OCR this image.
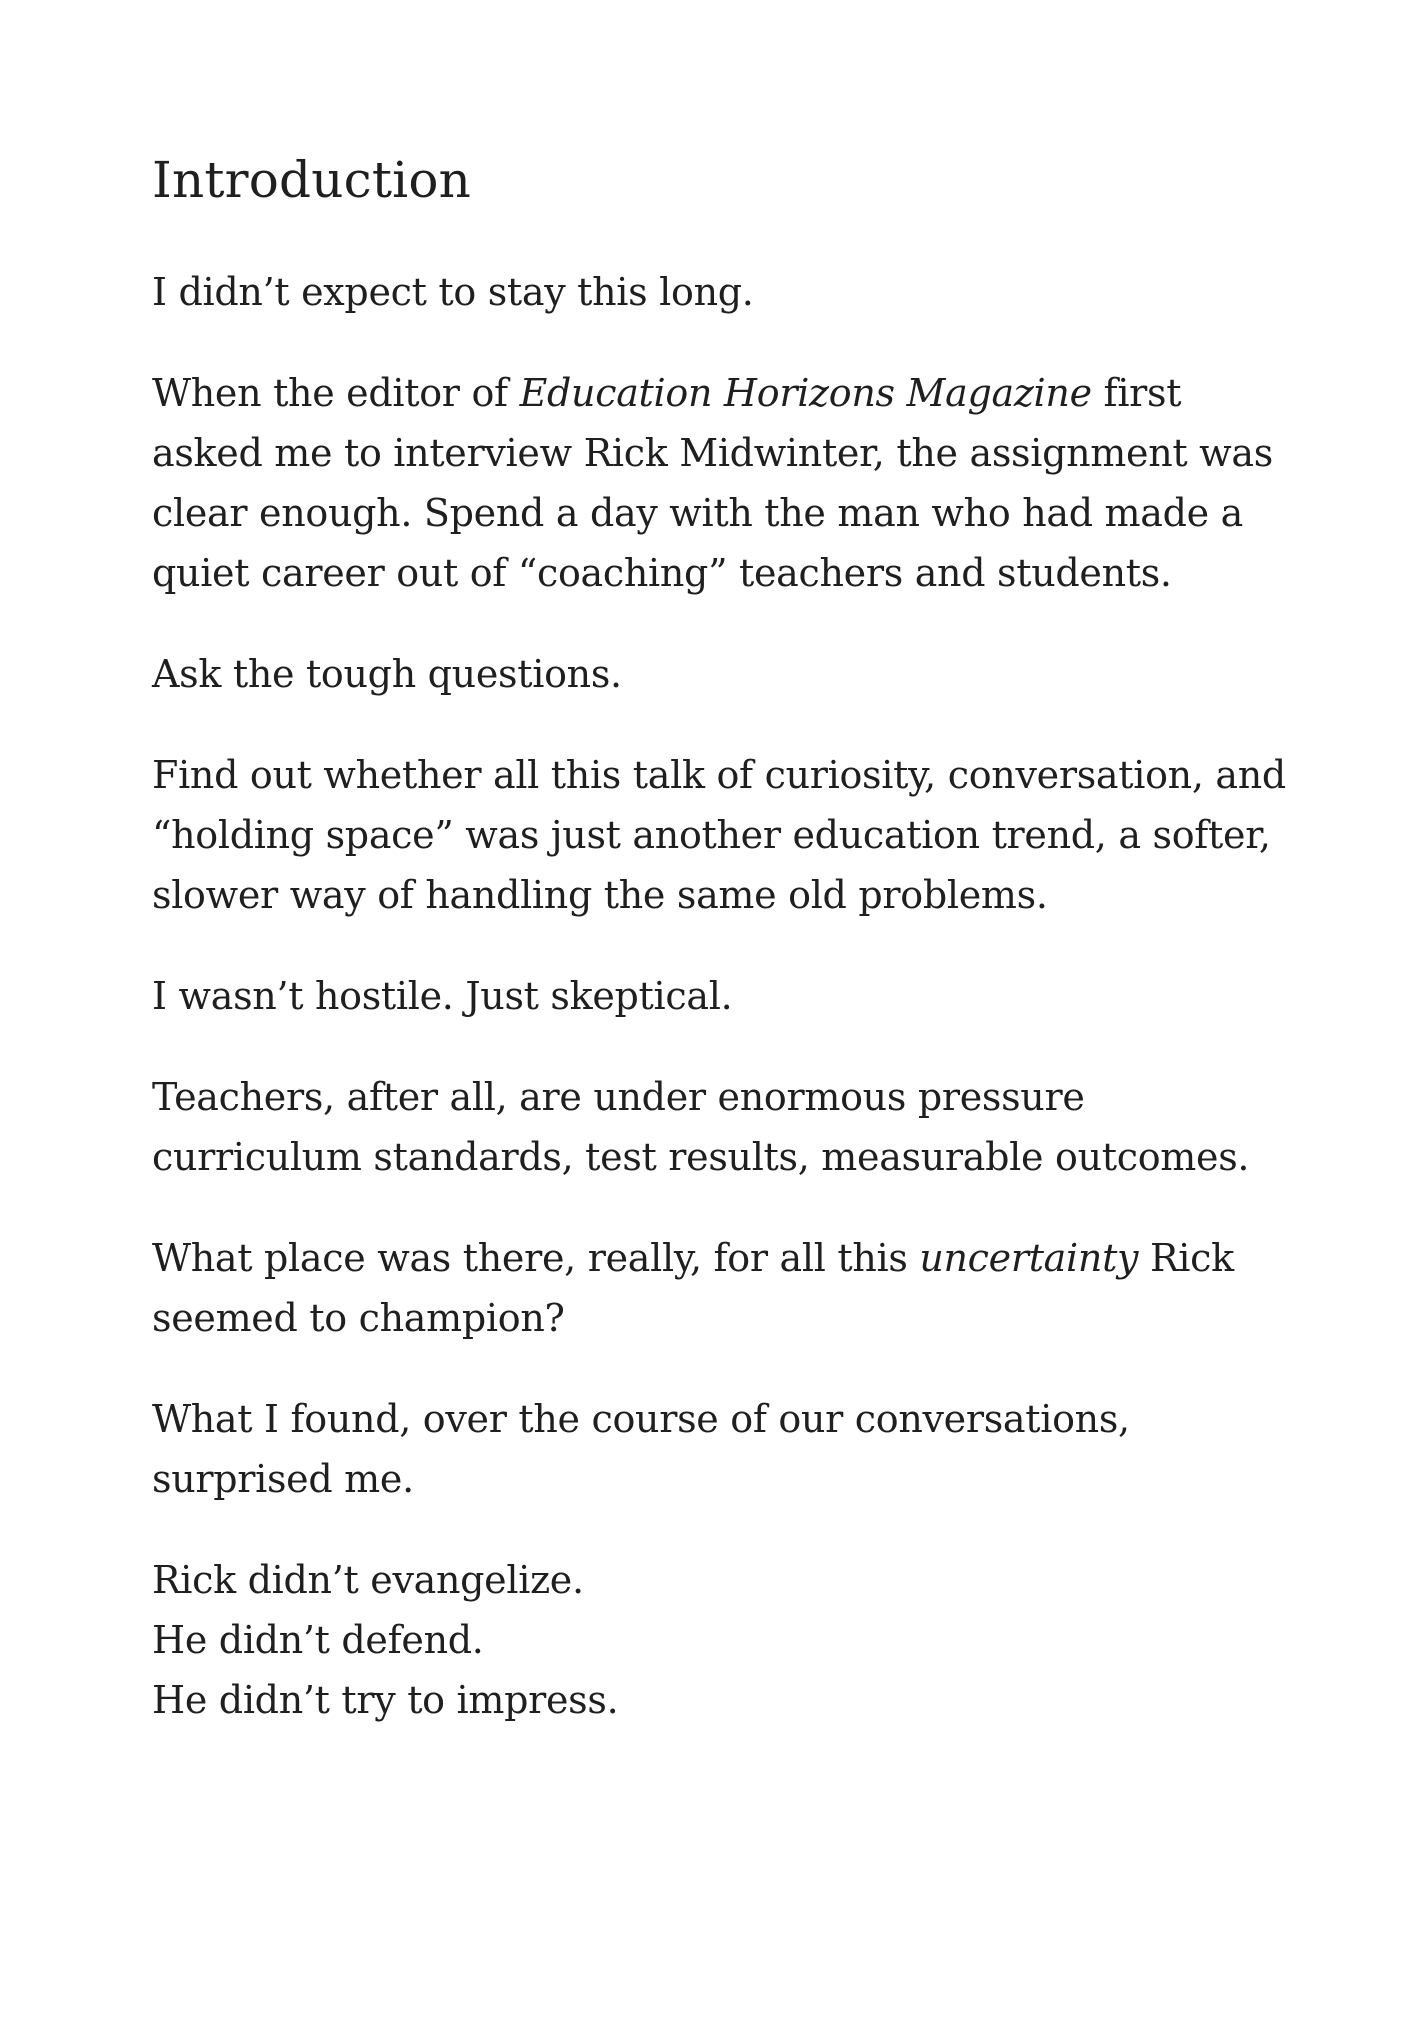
Introduction

I didn’t expect to stay this long.

When the editor of Education Horizons Magazine first asked me to interview Rick Midwinter, the assignment was clear enough. Spend a day with the man who had made a quiet career out of “coaching” teachers and students.

Ask the tough questions.

Find out whether all this talk of curiosity, conversation, and “holding space” was just another education trend, a softer, slower way of handling the same old problems.

I wasn’t hostile. Just skeptical.

Teachers, after all, are under enormous pressure curriculum standards, test results, measurable outcomes.

What place was there, really, for all this uncertainty Rick seemed to champion?

What I found, over the course of our conversations, surprised me.

Rick didn’t evangelize.
He didn’t defend.
He didn’t try to impress.
